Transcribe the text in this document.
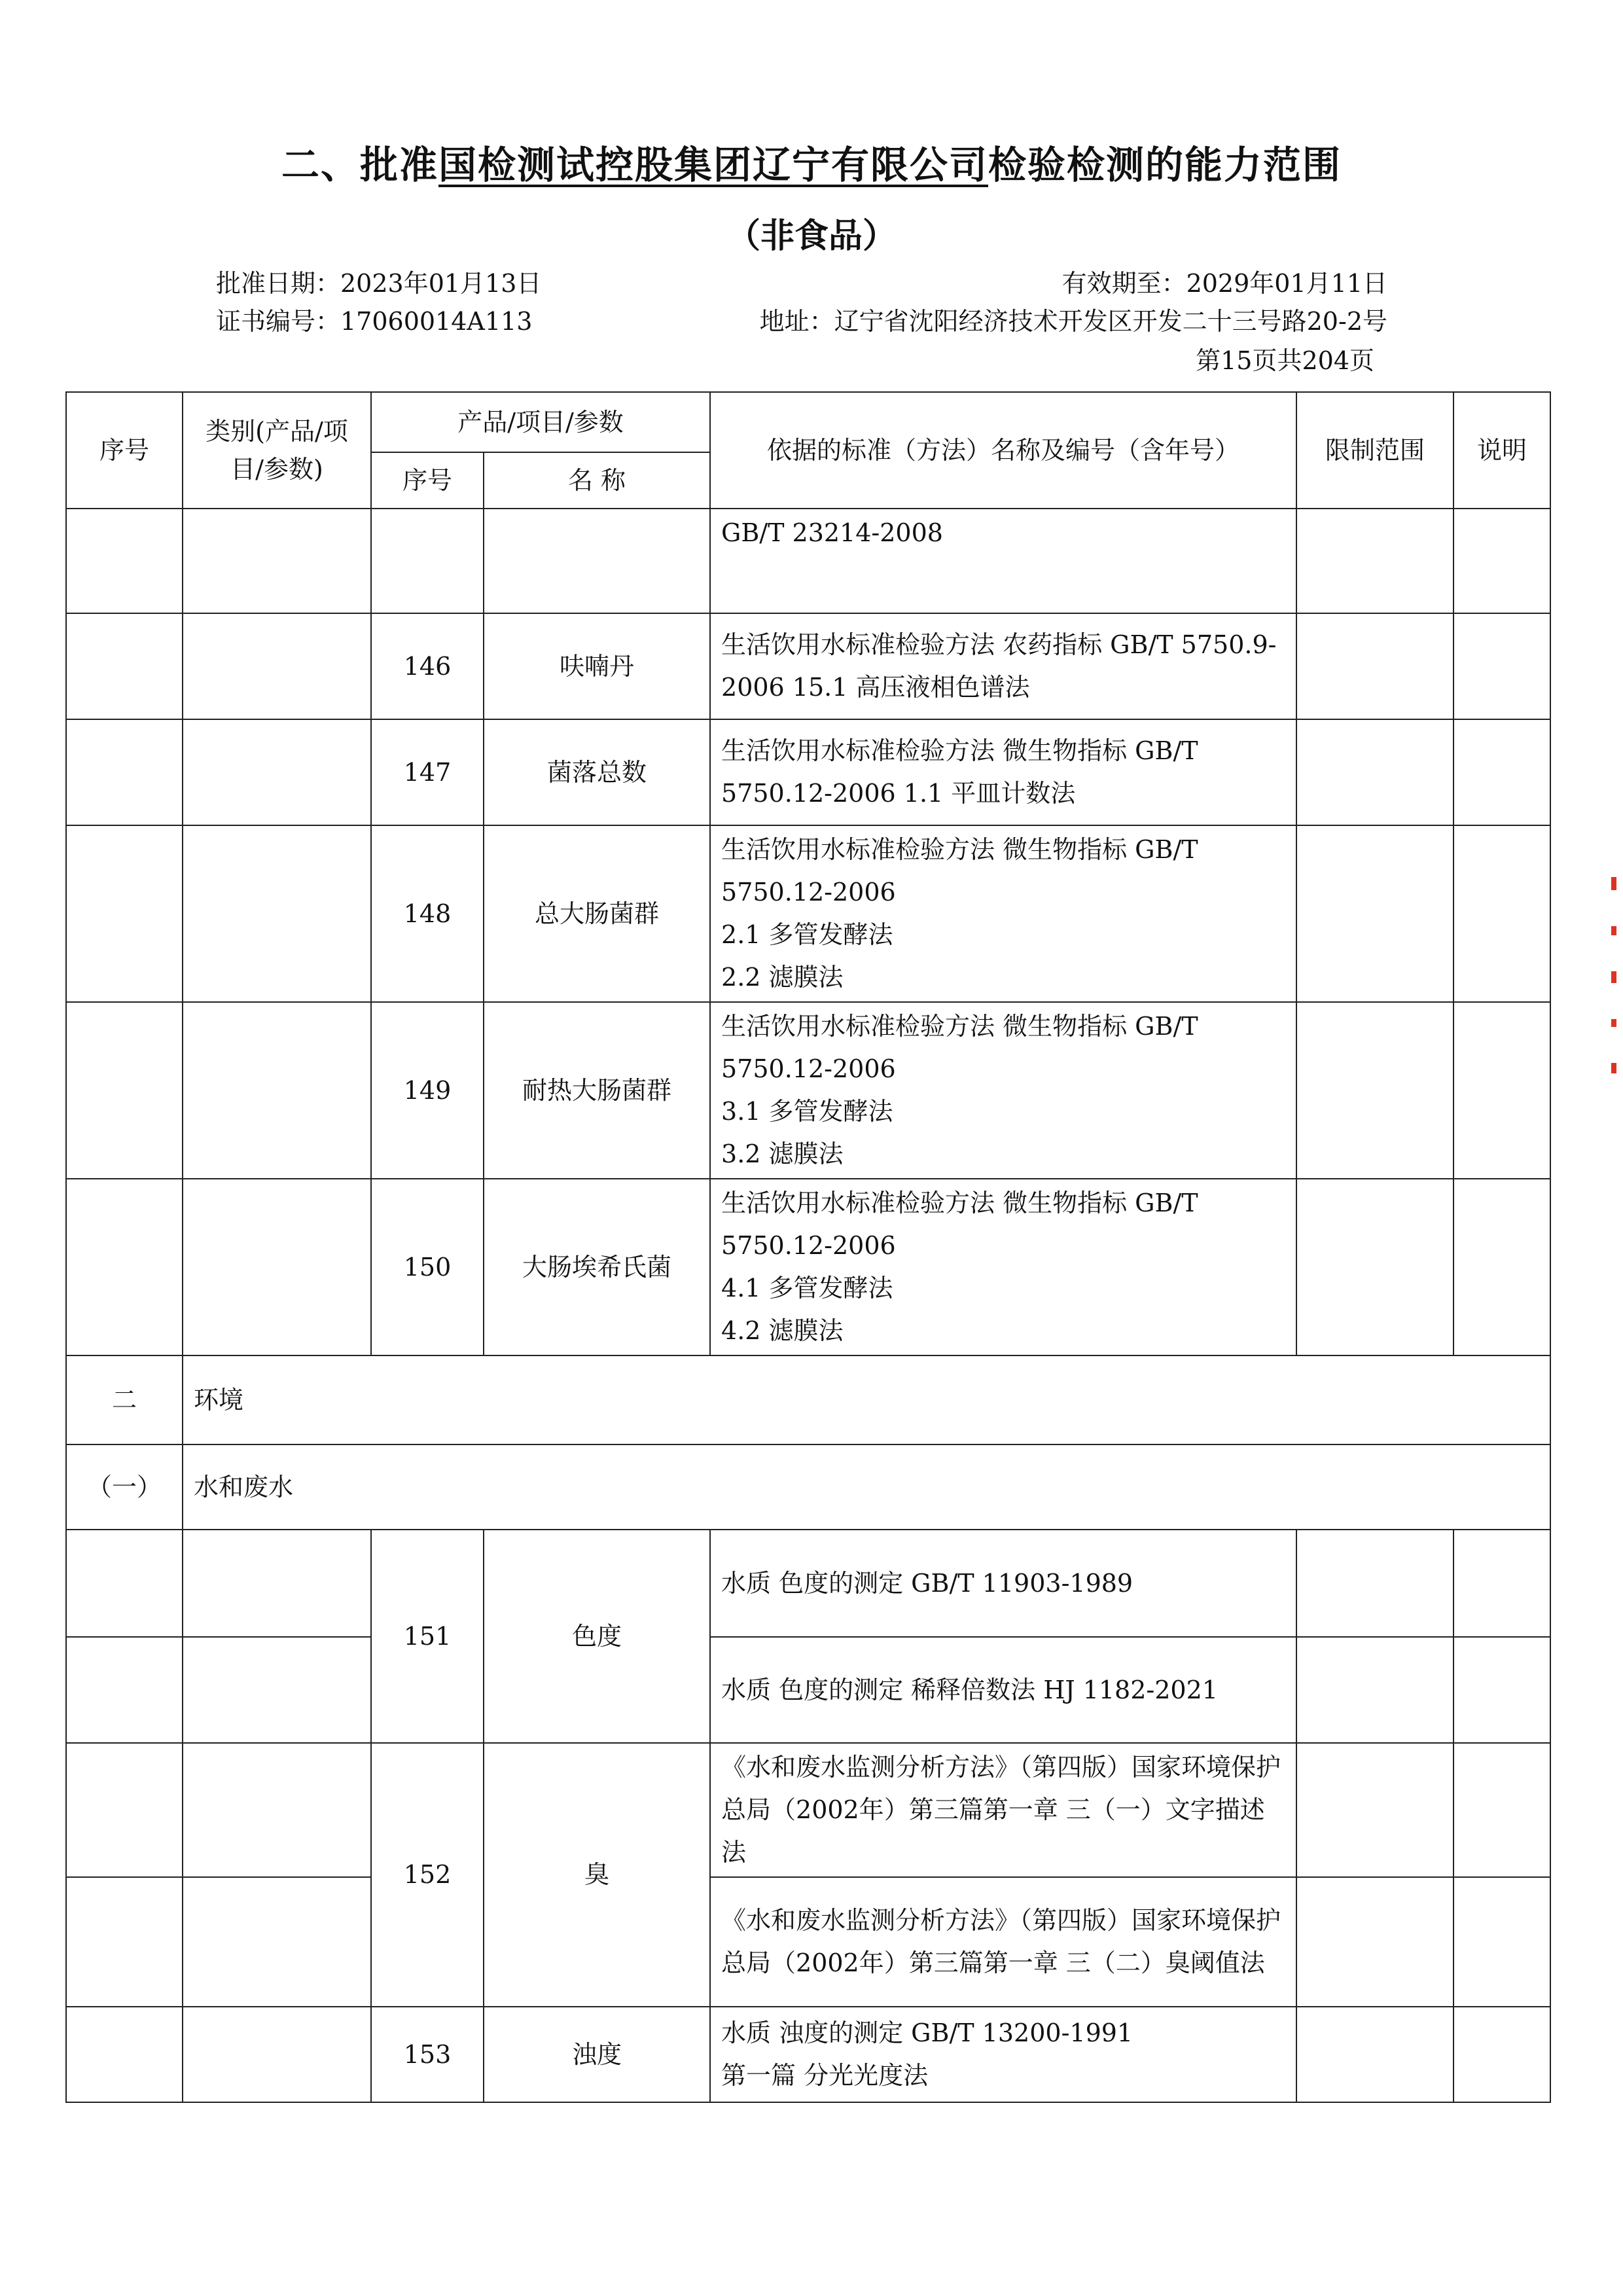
二、批准国检测试控股集团辽宁有限公司检验检测的能力范围
（非食品）
批准日期：2023年01月13日	有效期至：2029年01月11日
证书编号：17060014A113	地址：辽宁省沈阳经济技术开发区开发二十三号路20-2号
第15页共204页
序号	类别(产品/项目/参数)	产品/项目/参数		依据的标准（方法）名称及编号（含年号）	限制范围	说明
		序号	名 称			
				GB/T 23214-2008		
		146	呋喃丹	生活饮用水标准检验方法 农药指标 GB/T 5750.9-2006 15.1 高压液相色谱法		
		147	菌落总数	生活饮用水标准检验方法 微生物指标 GB/T 5750.12-2006 1.1 平皿计数法		
		148	总大肠菌群	生活饮用水标准检验方法 微生物指标 GB/T
5750.12-2006
2.1 多管发酵法
2.2 滤膜法		

		149	耐热大肠菌群	生活饮用水标准检验方法 微生物指标 GB/T
5750.12-2006
3.1 多管发酵法
3.2 滤膜法		

		150	大肠埃希氏菌	生活饮用水标准检验方法 微生物指标 GB/T
5750.12-2006
4.1 多管发酵法
4.2 滤膜法		

二	环境					
（一）	水和废水					
		151	色度	水质 色度的测定 GB/T 11903-1989		
				水质 色度的测定 稀释倍数法 HJ 1182-2021		
		152	臭	《水和废水监测分析方法》（第四版）国家环境保护总局（2002年）第三篇第一章 三（一）文字描述法		
				《水和废水监测分析方法》（第四版）国家环境保护总局（2002年）第三篇第一章 三（二）臭阈值法		
		153	浊度	水质 浊度的测定 GB/T 13200-1991
第一篇 分光光度法		
